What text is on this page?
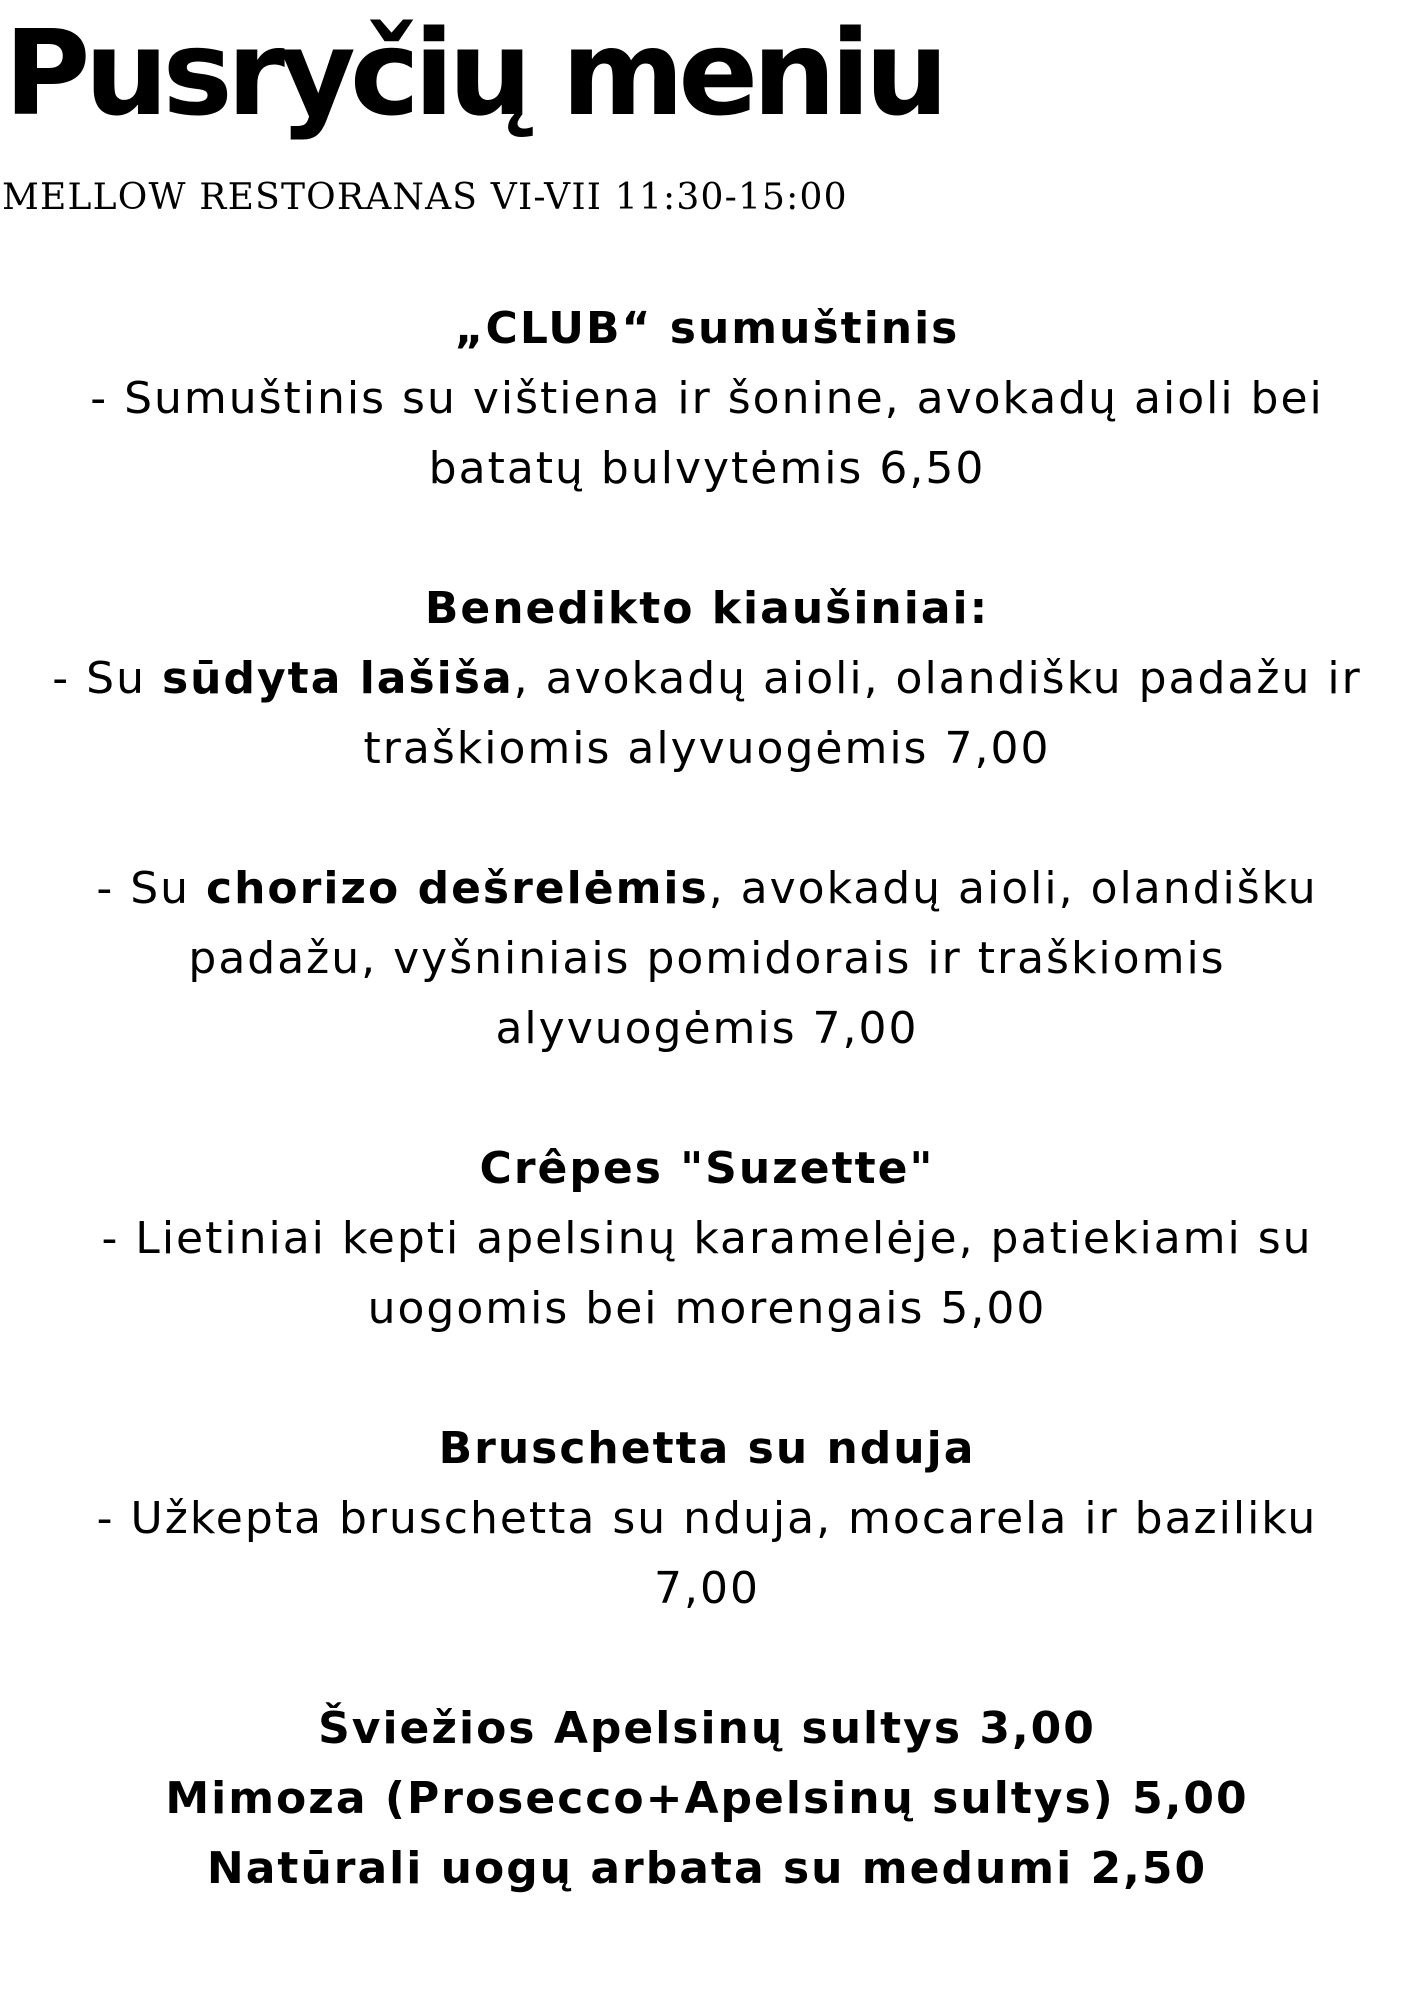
Pusryčių meniu
MELLOW RESTORANAS VI-VII 11:30-15:00
„CLUB“ sumuštinis
- Sumuštinis su vištiena ir šonine, avokadų aioli bei
batatų bulvytėmis 6,50
Benedikto kiaušiniai:
- Su sūdyta lašiša, avokadų aioli, olandišku padažu ir
traškiomis alyvuogėmis 7,00
- Su chorizo dešrelėmis, avokadų aioli, olandišku
padažu, vyšniniais pomidorais ir traškiomis
alyvuogėmis 7,00
Crêpes "Suzette"
- Lietiniai kepti apelsinų karamelėje, patiekiami su
uogomis bei morengais 5,00
Bruschetta su nduja
- Užkepta bruschetta su nduja, mocarela ir baziliku
7,00
Šviežios Apelsinų sultys 3,00
Mimoza (Prosecco+Apelsinų sultys) 5,00
Natūrali uogų arbata su medumi 2,50
